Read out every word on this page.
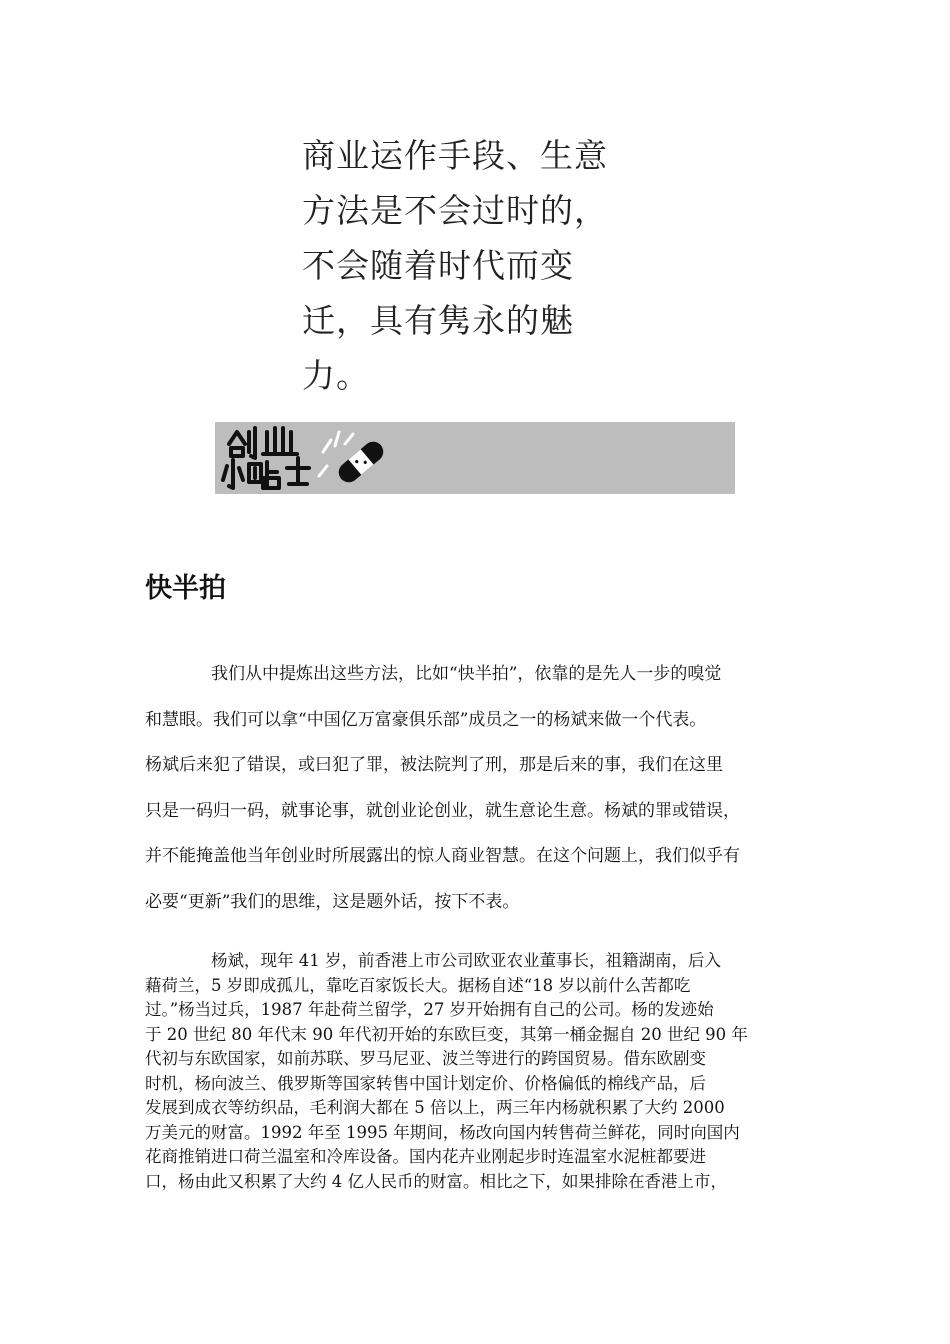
商业运作手段、生意
方法是不会过时的，
不会随着时代而变
迁，具有隽永的魅
力。
快半拍
我们从中提炼出这些方法，比如“快半拍”，依靠的是先人一步的嗅觉
和慧眼。我们可以拿“中国亿万富豪俱乐部”成员之一的杨斌来做一个代表。
杨斌后来犯了错误，或曰犯了罪，被法院判了刑，那是后来的事，我们在这里
只是一码归一码，就事论事，就创业论创业，就生意论生意。杨斌的罪或错误，
并不能掩盖他当年创业时所展露出的惊人商业智慧。在这个问题上，我们似乎有
必要“更新”我们的思维，这是题外话，按下不表。
杨斌，现年 41 岁，前香港上市公司欧亚农业董事长，祖籍湖南，后入
藉荷兰，5 岁即成孤儿，靠吃百家饭长大。据杨自述“18 岁以前什么苦都吃
过。”杨当过兵，1987 年赴荷兰留学，27 岁开始拥有自己的公司。杨的发迹始
于 20 世纪 80 年代末 90 年代初开始的东欧巨变，其第一桶金掘自 20 世纪 90 年
代初与东欧国家，如前苏联、罗马尼亚、波兰等进行的跨国贸易。借东欧剧变
时机，杨向波兰、俄罗斯等国家转售中国计划定价、价格偏低的棉线产品，后
发展到成衣等纺织品，毛利润大都在 5 倍以上，两三年内杨就积累了大约 2000
万美元的财富。1992 年至 1995 年期间，杨改向国内转售荷兰鲜花，同时向国内
花商推销进口荷兰温室和冷库设备。国内花卉业刚起步时连温室水泥桩都要进
口，杨由此又积累了大约 4 亿人民币的财富。相比之下，如果排除在香港上市，
